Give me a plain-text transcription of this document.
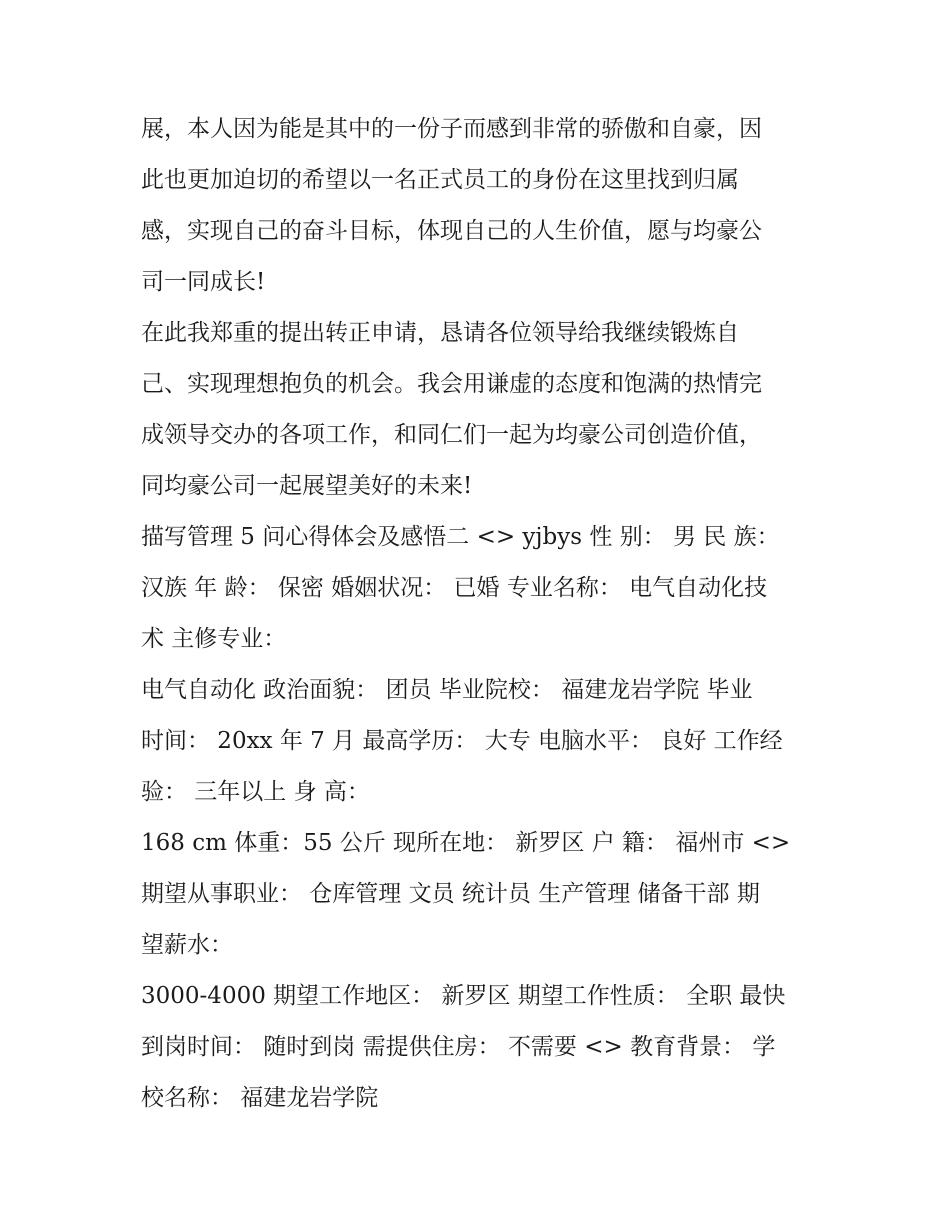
展，本人因为能是其中的一份子而感到非常的骄傲和自豪，因
此也更加迫切的希望以一名正式员工的身份在这里找到归属
感，实现自己的奋斗目标，体现自己的人生价值，愿与均豪公
司一同成长!
在此我郑重的提出转正申请，恳请各位领导给我继续锻炼自
己、实现理想抱负的机会。我会用谦虚的态度和饱满的热情完
成领导交办的各项工作，和同仁们一起为均豪公司创造价值，
同均豪公司一起展望美好的未来!
描写管理 5 问心得体会及感悟二 <> yjbys 性 别： 男 民 族：
汉族 年 龄： 保密 婚姻状况： 已婚 专业名称： 电气自动化技
术 主修专业：
电气自动化 政治面貌： 团员 毕业院校： 福建龙岩学院 毕业
时间： 20xx 年 7 月 最高学历： 大专 电脑水平： 良好 工作经
验： 三年以上 身 高：
168 cm 体重：55 公斤 现所在地： 新罗区 户 籍： 福州市 <>
期望从事职业： 仓库管理 文员 统计员 生产管理 储备干部 期
望薪水：
3000-4000 期望工作地区： 新罗区 期望工作性质： 全职 最快
到岗时间： 随时到岗 需提供住房： 不需要 <> 教育背景： 学
校名称： 福建龙岩学院
